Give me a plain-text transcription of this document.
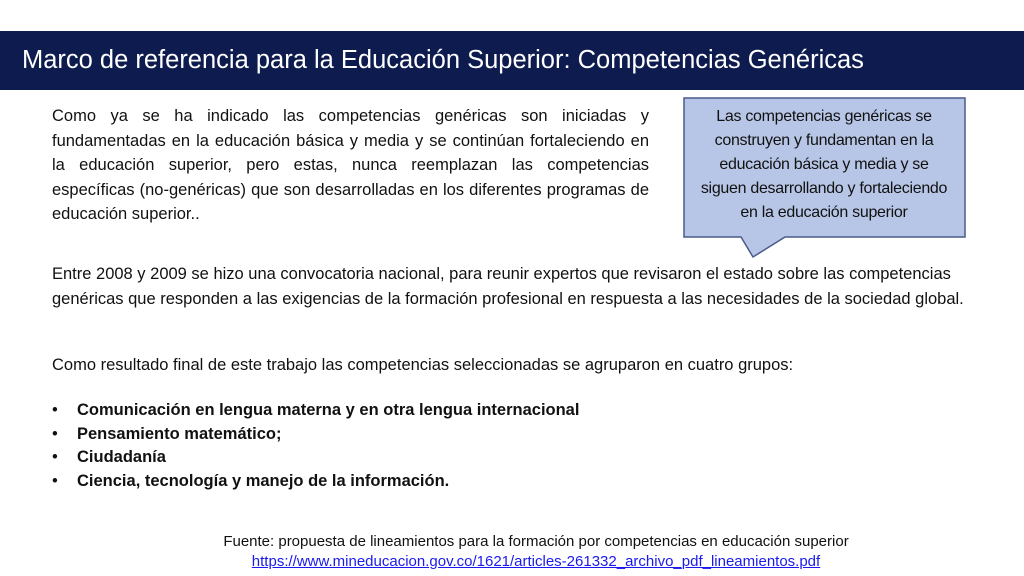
Marco de referencia para la Educación Superior: Competencias Genéricas

Como ya se ha indicado las competencias genéricas son iniciadas y fundamentadas en la educación básica y media y se continúan fortaleciendo en la educación superior, pero estas, nunca reemplazan las competencias específicas (no-genéricas) que son desarrolladas en los diferentes programas de educación superior..

Las competencias genéricas se
construyen y fundamentan en la
educación básica y media y se
siguen desarrollando y fortaleciendo
en la educación superior

Entre 2008 y 2009 se hizo una convocatoria nacional, para reunir expertos que revisaron el estado sobre las competencias genéricas que responden a las exigencias de la formación profesional en respuesta a las necesidades de la sociedad global.

Como resultado final de este trabajo las competencias seleccionadas se agruparon en cuatro grupos:

• Comunicación en lengua materna y en otra lengua internacional
• Pensamiento matemático;
• Ciudadanía
• Ciencia, tecnología y manejo de la información.
Fuente: propuesta de lineamientos para la formación por competencias en educación superior
https://www.mineducacion.gov.co/1621/articles-261332_archivo_pdf_lineamientos.pdf
